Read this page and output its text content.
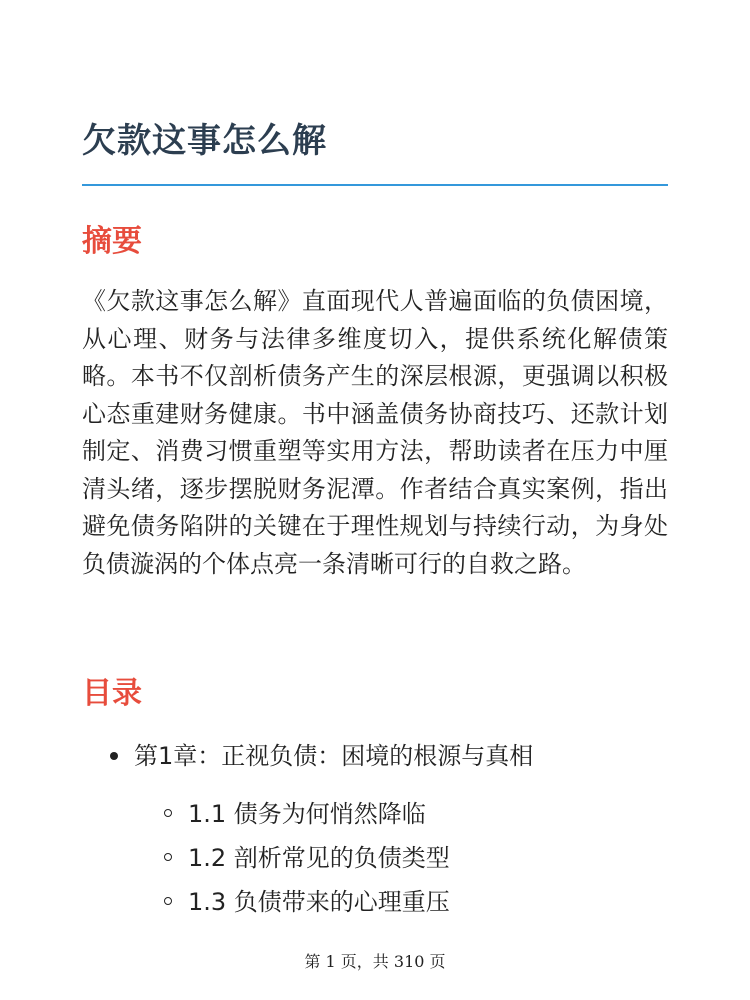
欠款这事怎么解
摘要

《欠款这事怎么解》直面现代人普遍面临的负债困境，从心理、财务与法律多维度切入，提供系统化解债策略。本书不仅剖析债务产生的深层根源，更强调以积极心态重建财务健康。书中涵盖债务协商技巧、还款计划制定、消费习惯重塑等实用方法，帮助读者在压力中厘清头绪，逐步摆脱财务泥潭。作者结合真实案例，指出避免债务陷阱的关键在于理性规划与持续行动，为身处负债漩涡的个体点亮一条清晰可行的自救之路。

目录
第1章：正视负债：困境的根源与真相
1.1 债务为何悄然降临
1.2 剖析常见的负债类型
1.3 负债带来的心理重压
第 1 页，共 310 页
